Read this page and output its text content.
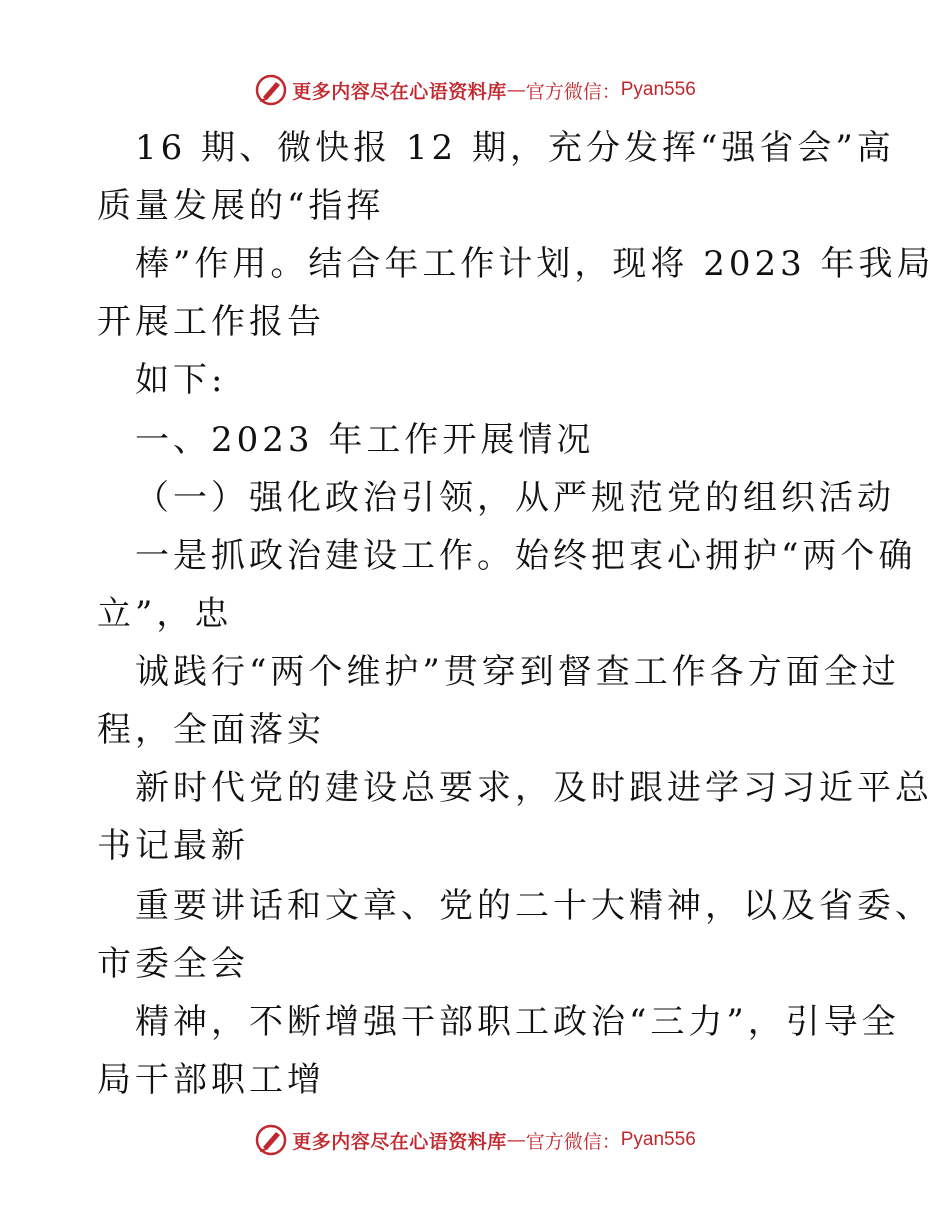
更多内容尽在心语资料库 — 官方微信： Pyan556
16 期、微快报 12 期，充分发挥“强省会”高
质量发展的“指挥
棒”作用。结合年工作计划，现将 2023 年我局
开展工作报告
如下:
一、2023 年工作开展情况
（一）强化政治引领，从严规范党的组织活动
一是抓政治建设工作。始终把衷心拥护“两个确
立”，忠
诚践行“两个维护”贯穿到督查工作各方面全过
程，全面落实
新时代党的建设总要求，及时跟进学习习近平总
书记最新
重要讲话和文章、党的二十大精神，以及省委、
市委全会
精神，不断增强干部职工政治“三力”，引导全
局干部职工增
更多内容尽在心语资料库 — 官方微信： Pyan556
